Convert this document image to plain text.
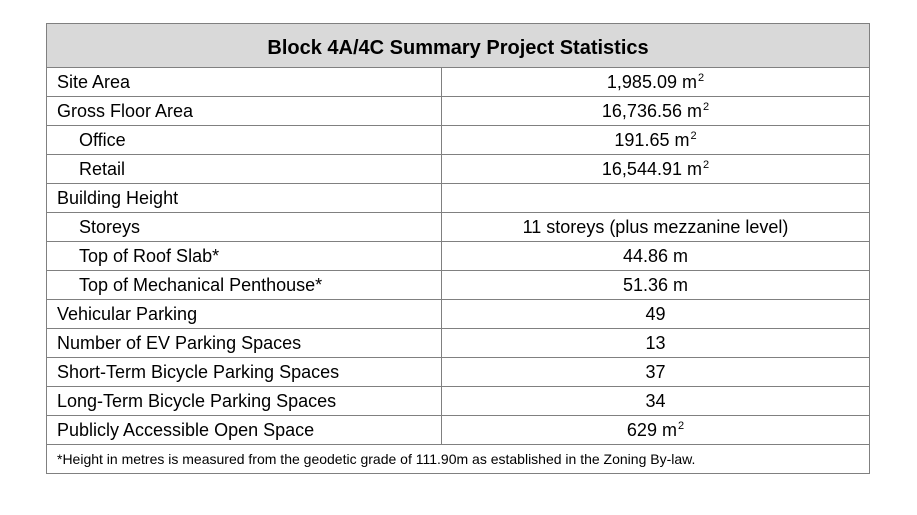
Block 4A/4C Summary Project Statistics	
Site Area	1,985.09 $m^2$
Gross Floor Area	16,736.56 $m^2$
Office	191.65 $m^2$
Retail	16,544.91 $m^2$
Building Height	
Storeys	11 storeys (plus mezzanine level)
Top of Roof Slab*	44.86 m
Top of Mechanical Penthouse*	51.36 m
Vehicular Parking	49
Number of EV Parking Spaces	13
Short-Term Bicycle Parking Spaces	37
Long-Term Bicycle Parking Spaces	34
Publicly Accessible Open Space	629 $m^2$
*Height in metres is measured from the geodetic grade of 111.90m as established in the Zoning By-law.	
